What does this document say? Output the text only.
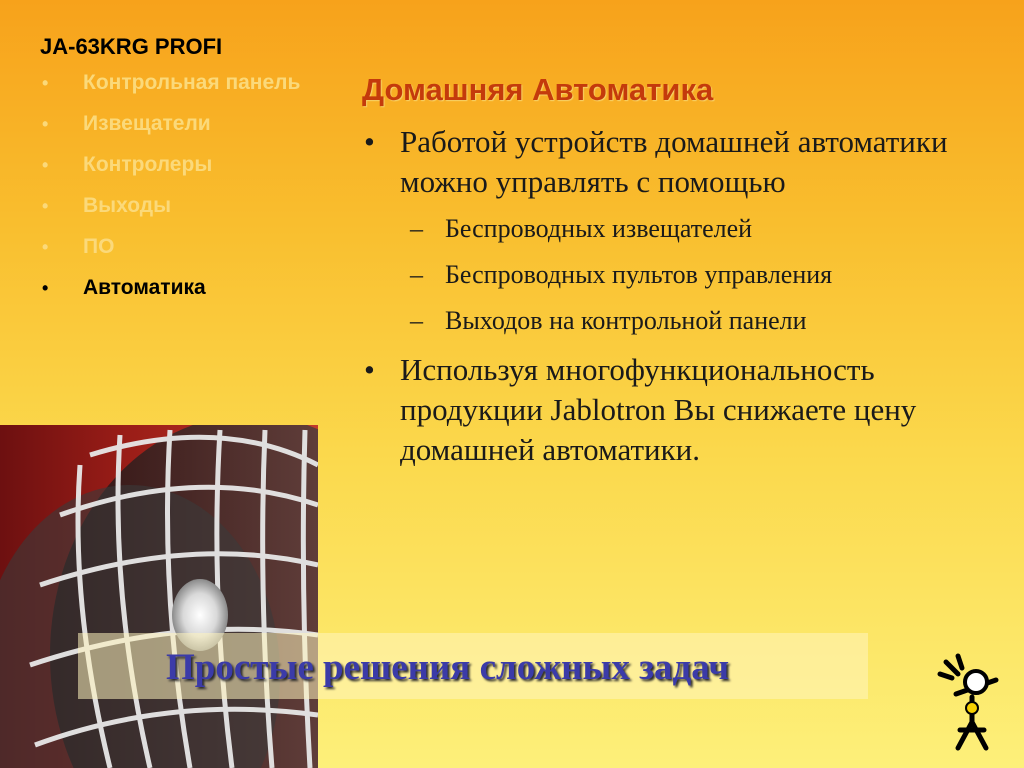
JA-63KRG PROFI
• Контрольная панель
• Извещатели
• Контролеры
• Выходы
• ПО
• Автоматика
Домашняя Автоматика
• Работой устройств домашней автоматики можно управлять с помощью
– Беспроводных извещателей
– Беспроводных пультов управления
– Выходов на контрольной панели
• Используя многофункциональность продукции Jablotron Вы снижаете цену домашней автоматики.
Простые решения сложных задач
